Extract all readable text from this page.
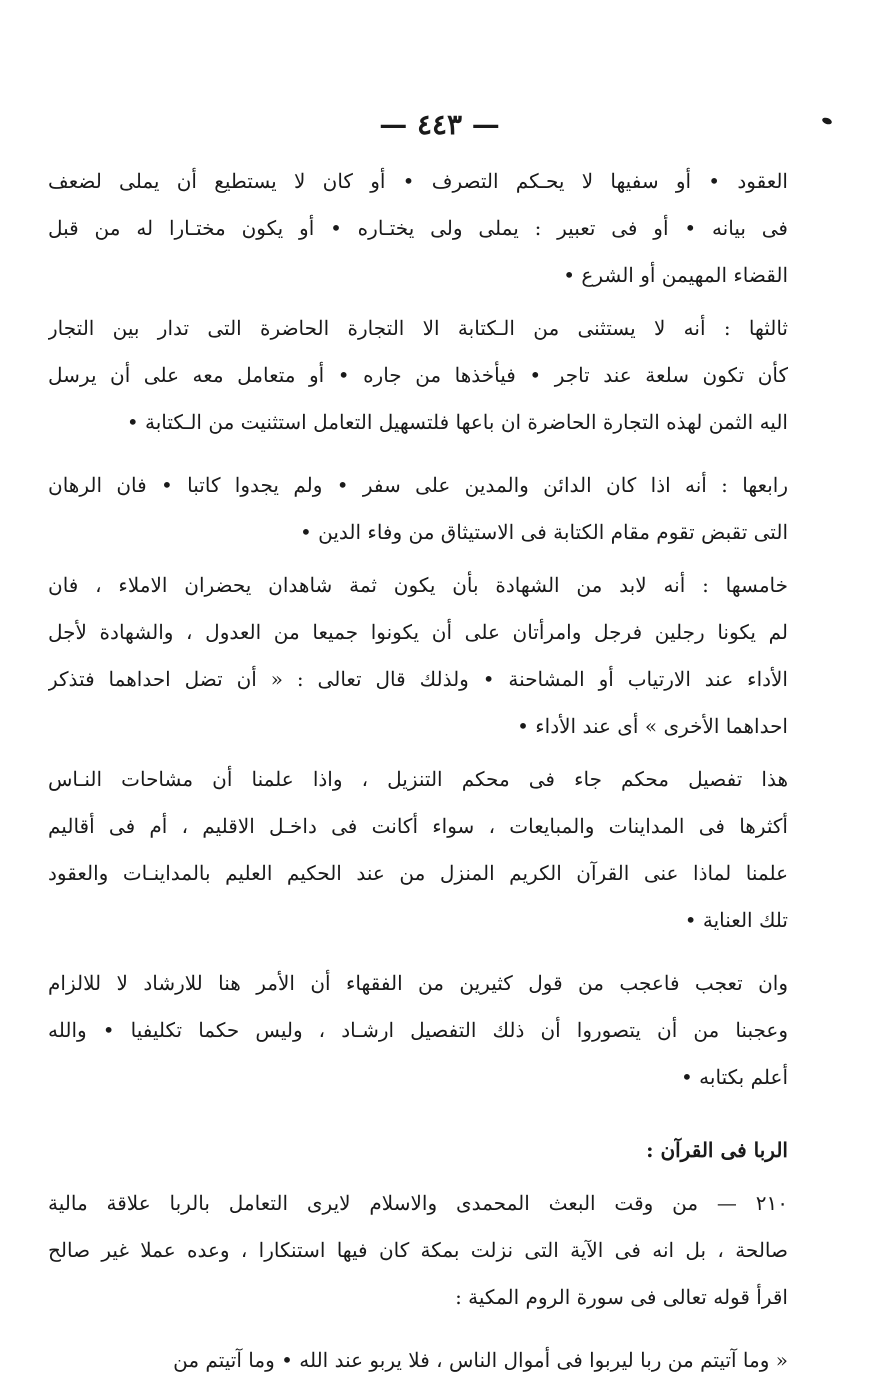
— ٤٤٣ —
العقود • أو سفيها لا يحـكم التصرف • أو كان لا يستطيع أن يملى لضعف
فى بيانه • أو فى تعبير : يملى ولى يختـاره • أو يكون مختـارا له من قبل
القضاء المهيمن أو الشرع •
ثالثها : أنه لا يستثنى من الـكتابة الا التجارة الحاضرة التى تدار بين التجار
كأن تكون سلعة عند تاجر • فيأخذها من جاره • أو متعامل معه على أن يرسل
اليه الثمن لهذه التجارة الحاضرة ان باعها فلتسهيل التعامل استثنيت من الـكتابة •
رابعها : أنه اذا كان الدائن والمدين على سفر • ولم يجدوا كاتبا • فان الرهان
التى تقبض تقوم مقام الكتابة فى الاستيثاق من وفاء الدين •
خامسها : أنه لابد من الشهادة بأن يكون ثمة شاهدان يحضران الاملاء ، فان
لم يكونا رجلين فرجل وامرأتان على أن يكونوا جميعا من العدول ، والشهادة لأجل
الأداء عند الارتياب أو المشاحنة • ولذلك قال تعالى : « أن تضل احداهما فتذكر
احداهما الأخرى » أى عند الأداء •
هذا تفصيل محكم جاء فى محكم التنزيل ، واذا علمنا أن مشاحات النـاس
أكثرها فى المداينات والمبايعات ، سواء أكانت فى داخـل الاقليم ، أم فى أقاليم
علمنا لماذا عنى القرآن الكريم المنزل من عند الحكيم العليم بالمداينـات والعقود
تلك العناية •
وان تعجب فاعجب من قول كثيرين من الفقهاء أن الأمر هنا للارشاد لا للالزام
وعجبنا من أن يتصوروا أن ذلك التفصيل ارشـاد ، وليس حكما تكليفيا • والله
أعلم بكتابه •
الربا فى القرآن :
٢١٠ — من وقت البعث المحمدى والاسلام لايرى التعامل بالربا علاقة مالية
صالحة ، بل انه فى الآية التى نزلت بمكة كان فيها استنكارا ، وعده عملا غير صالح
اقرأ قوله تعالى فى سورة الروم المكية :
« وما آتيتم من ربا ليربوا فى أموال الناس ، فلا يربو عند الله • وما آتيتم من
